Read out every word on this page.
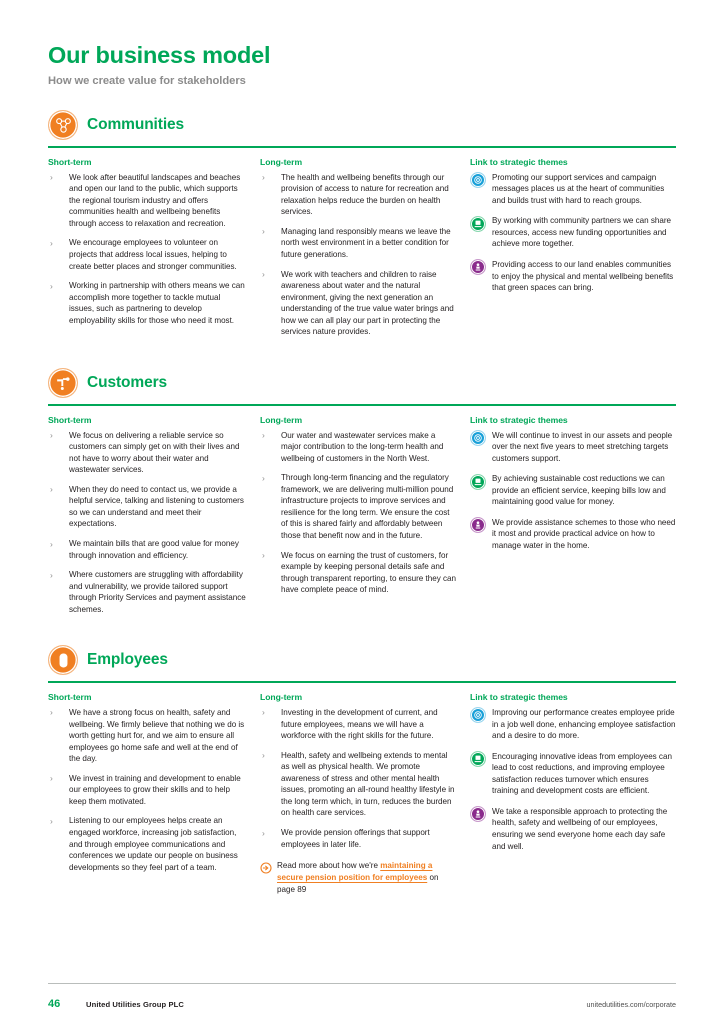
Our business model
How we create value for stakeholders
Communities
Short-term
› We look after beautiful landscapes and beaches and open our land to the public, which supports the regional tourism industry and offers communities health and wellbeing benefits through access to relaxation and recreation.
› We encourage employees to volunteer on projects that address local issues, helping to create better places and stronger communities.
› Working in partnership with others means we can accomplish more together to tackle mutual issues, such as partnering to develop employability skills for those who need it most.
Long-term
› The health and wellbeing benefits through our provision of access to nature for recreation and relaxation helps reduce the burden on health services.
› Managing land responsibly means we leave the north west environment in a better condition for future generations.
› We work with teachers and children to raise awareness about water and the natural environment, giving the next generation an understanding of the true value water brings and how we can all play our part in protecting the services nature provides.
Link to strategic themes
Promoting our support services and campaign messages places us at the heart of communities and builds trust with hard to reach groups.
By working with community partners we can share resources, access new funding opportunities and achieve more together.
Providing access to our land enables communities to enjoy the physical and mental wellbeing benefits that green spaces can bring.
Customers
Short-term
› We focus on delivering a reliable service so customers can simply get on with their lives and not have to worry about their water and wastewater services.
› When they do need to contact us, we provide a helpful service, talking and listening to customers so we can understand and meet their expectations.
› We maintain bills that are good value for money through innovation and efficiency.
› Where customers are struggling with affordability and vulnerability, we provide tailored support through Priority Services and payment assistance schemes.
Long-term
› Our water and wastewater services make a major contribution to the long-term health and wellbeing of customers in the North West.
› Through long-term financing and the regulatory framework, we are delivering multi-million pound infrastructure projects to improve services and resilience for the long term. We ensure the cost of this is shared fairly and affordably between those that benefit now and in the future.
› We focus on earning the trust of customers, for example by keeping personal details safe and through transparent reporting, to ensure they can have complete peace of mind.
Link to strategic themes
We will continue to invest in our assets and people over the next five years to meet stretching targets customers support.
By achieving sustainable cost reductions we can provide an efficient service, keeping bills low and maintaining good value for money.
We provide assistance schemes to those who need it most and provide practical advice on how to manage water in the home.
Employees
Short-term
› We have a strong focus on health, safety and wellbeing. We firmly believe that nothing we do is worth getting hurt for, and we aim to ensure all employees go home safe and well at the end of the day.
› We invest in training and development to enable our employees to grow their skills and to help keep them motivated.
› Listening to our employees helps create an engaged workforce, increasing job satisfaction, and through employee communications and conferences we update our people on business developments so they feel part of a team.
Long-term
› Investing in the development of current, and future employees, means we will have a workforce with the right skills for the future.
› Health, safety and wellbeing extends to mental as well as physical health. We promote awareness of stress and other mental health issues, promoting an all-round healthy lifestyle in the long term which, in turn, reduces the burden on health care services.
› We provide pension offerings that support employees in later life.
Read more about how we're maintaining a secure pension position for employees on page 89
Link to strategic themes
Improving our performance creates employee pride in a job well done, enhancing employee satisfaction and a desire to do more.
Encouraging innovative ideas from employees can lead to cost reductions, and improving employee satisfaction reduces turnover which ensures training and development costs are efficient.
We take a responsible approach to protecting the health, safety and wellbeing of our employees, ensuring we send everyone home each day safe and well.
46	United Utilities Group PLC	unitedutilities.com/corporate
